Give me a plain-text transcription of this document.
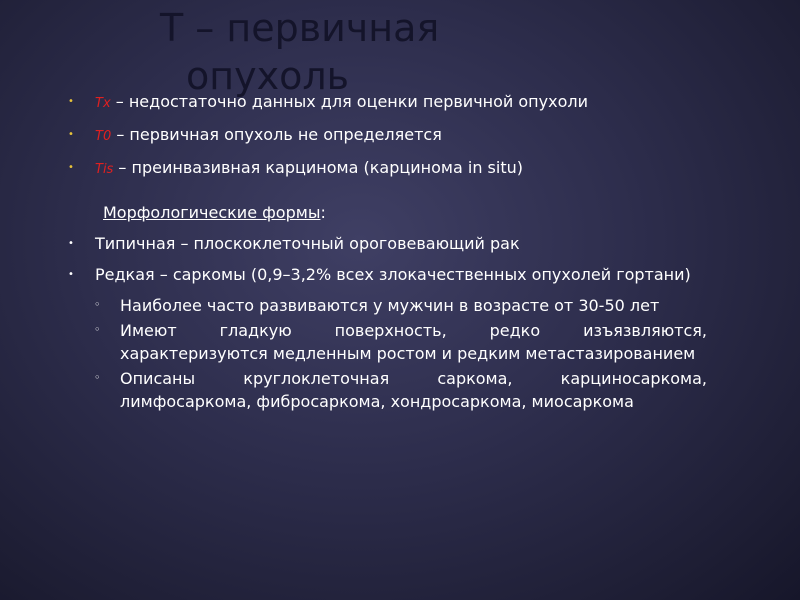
Т – первичная
опухоль
• Tx – недостаточно данных для оценки первичной опухоли
• T0 – первичная опухоль не определяется
• Tis – преинвазивная карцинома (карцинома in situ)
Морфологические формы:
• Типичная – плоскоклеточный ороговевающий рак
• Редкая – саркомы (0,9–3,2% всех злокачественных опухолей гортани)
◦ Наиболее часто развиваются у мужчин в возрасте от 30-50 лет
◦ Имеют гладкую поверхность, редко изъязвляются, характеризуются медленным ростом и редким метастазированием
◦ Описаны круглоклеточная саркома, карциносаркома, лимфосаркома, фибросаркома, хондросаркома, миосаркома
